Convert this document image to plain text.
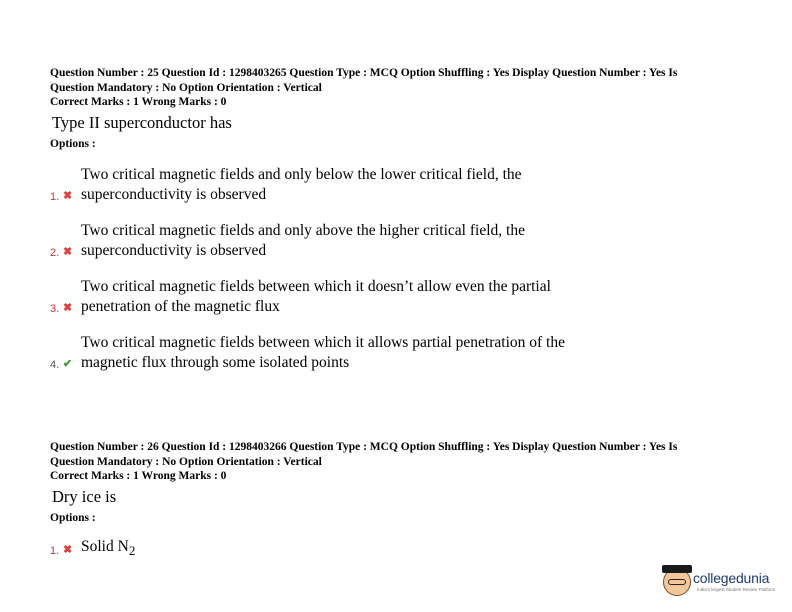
Question Number : 25 Question Id : 1298403265 Question Type : MCQ Option Shuffling : Yes Display Question Number : Yes Is
Question Mandatory : No Option Orientation : Vertical
Correct Marks : 1 Wrong Marks : 0
Type II superconductor has
Options :
1. ✖
Two critical magnetic fields and only below the lower critical field, the
superconductivity is observed
2. ✖
Two critical magnetic fields and only above the higher critical field, the
superconductivity is observed
3. ✖
Two critical magnetic fields between which it doesn’t allow even the partial
penetration of the magnetic flux
4. ✔
Two critical magnetic fields between which it allows partial penetration of the
magnetic flux through some isolated points
Question Number : 26 Question Id : 1298403266 Question Type : MCQ Option Shuffling : Yes Display Question Number : Yes Is
Question Mandatory : No Option Orientation : Vertical
Correct Marks : 1 Wrong Marks : 0
Dry ice is
Options :
1. ✖ Solid $N_2$
collegedunia
India's largest Student Review Platform
